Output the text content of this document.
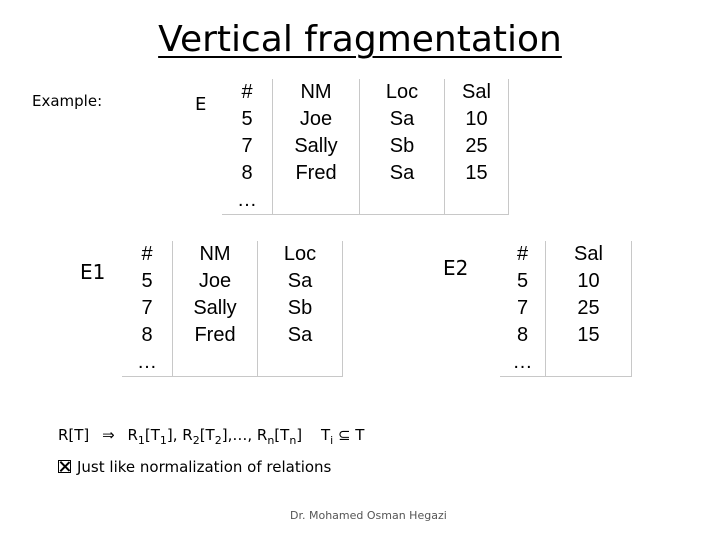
Vertical fragmentation
Example:	E
#	NM	Loc	Sal	
5	Joe	Sa	10	
7	Sally	Sb	25	
8	Fred	Sa	15	
…				
E1
#	NM	Loc	
5	Joe	Sa	
7	Sally	Sb	
8	Fred	Sa	
…			
E2
#	Sal	
5	10	
7	25	
8	15	
…		
R[T] ⇒ $R_1[T_1]$, $R_2[T_2],\dots$, $R_n[T_n]$ $T_i$ ⊆ T
Just like normalization of relations
Dr. Mohamed Osman Hegazi
